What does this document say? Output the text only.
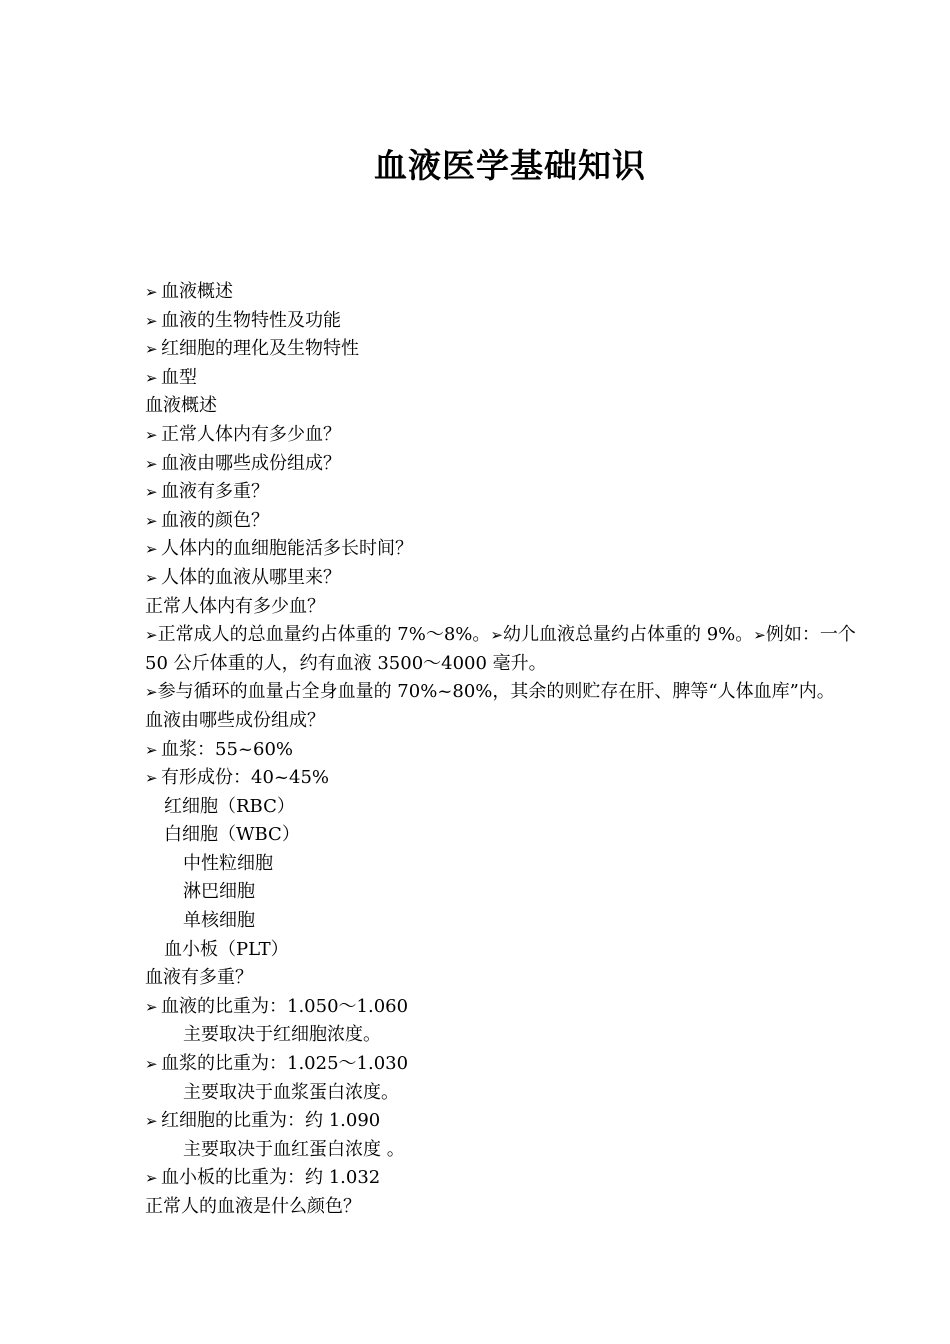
血液医学基础知识
➢ 血液概述
➢ 血液的生物特性及功能
➢ 红细胞的理化及生物特性
➢ 血型
血液概述
➢ 正常人体内有多少血？
➢ 血液由哪些成份组成？
➢ 血液有多重？
➢ 血液的颜色？
➢ 人体内的血细胞能活多长时间？
➢ 人体的血液从哪里来？
正常人体内有多少血？
➢正常成人的总血量约占体重的 7%～8%。➢幼儿血液总量约占体重的 9%。➢例如：一个 50 公斤体重的人，约有血液 3500～4000 毫升。
➢参与循环的血量占全身血量的 70%~80%，其余的则贮存在肝、脾等“人体血库”内。
血液由哪些成份组成？
➢ 血浆：55~60%
➢ 有形成份：40~45%
红细胞（RBC）
白细胞（WBC）
中性粒细胞
淋巴细胞
单核细胞
血小板（PLT）
血液有多重？
➢ 血液的比重为：1.050～1.060
主要取决于红细胞浓度。
➢ 血浆的比重为：1.025～1.030
主要取决于血浆蛋白浓度。
➢ 红细胞的比重为：约 1.090
主要取决于血红蛋白浓度 。
➢ 血小板的比重为：约 1.032
正常人的血液是什么颜色？
